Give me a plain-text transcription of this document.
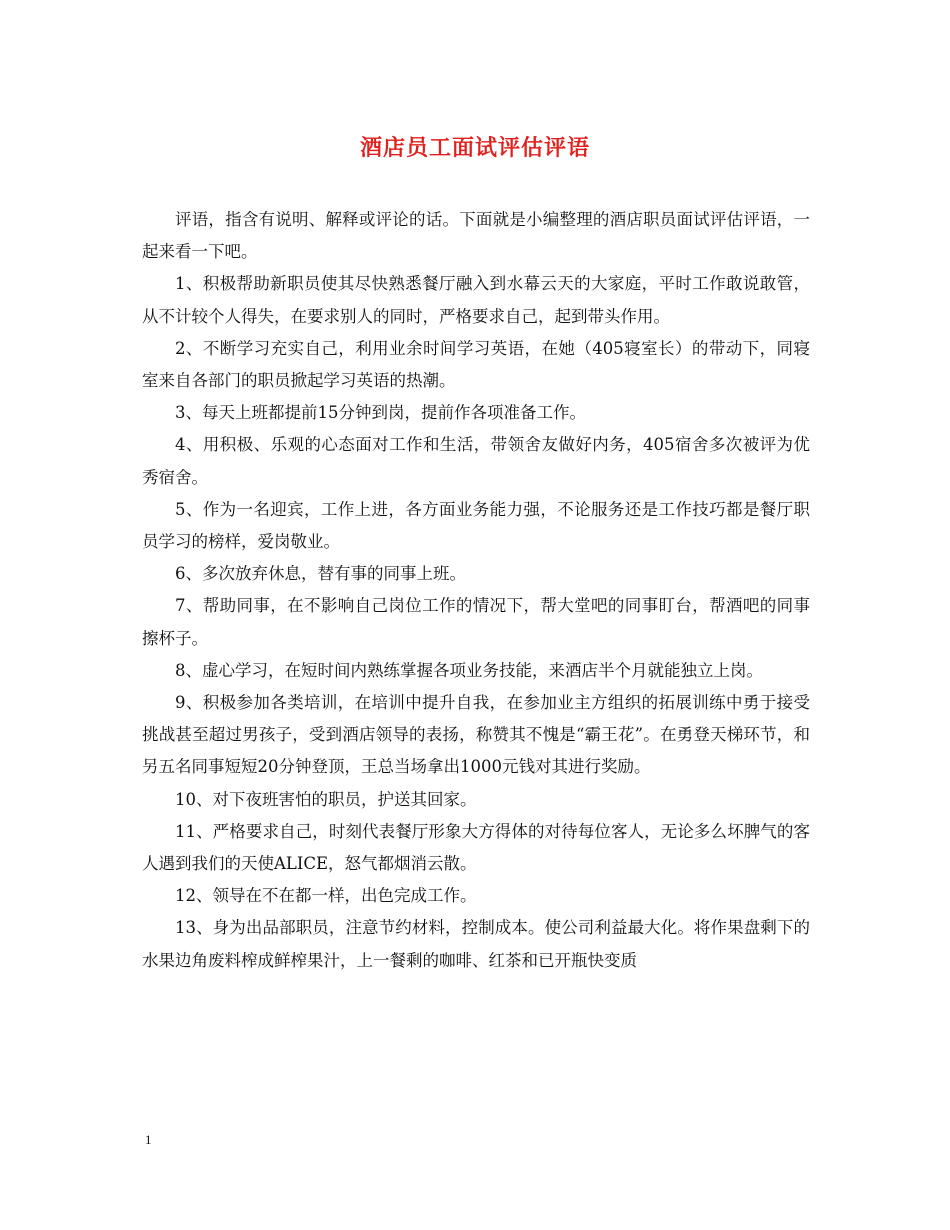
酒店员工面试评估评语

评语，指含有说明、解释或评论的话。下面就是小编整理的酒店职员面试评估评语，一起来看一下吧。

1、积极帮助新职员使其尽快熟悉餐厅融入到水幕云天的大家庭，平时工作敢说敢管，从不计较个人得失，在要求别人的同时，严格要求自己，起到带头作用。

2、不断学习充实自己，利用业余时间学习英语，在她（405寝室长）的带动下，同寝室来自各部门的职员掀起学习英语的热潮。

3、每天上班都提前15分钟到岗，提前作各项准备工作。

4、用积极、乐观的心态面对工作和生活，带领舍友做好内务，405宿舍多次被评为优秀宿舍。

5、作为一名迎宾，工作上进，各方面业务能力强，不论服务还是工作技巧都是餐厅职员学习的榜样，爱岗敬业。

6、多次放弃休息，替有事的同事上班。

7、帮助同事，在不影响自己岗位工作的情况下，帮大堂吧的同事盯台，帮酒吧的同事擦杯子。

8、虚心学习，在短时间内熟练掌握各项业务技能，来酒店半个月就能独立上岗。

9、积极参加各类培训，在培训中提升自我，在参加业主方组织的拓展训练中勇于接受挑战甚至超过男孩子，受到酒店领导的表扬，称赞其不愧是“霸王花”。在勇登天梯环节，和另五名同事短短20分钟登顶，王总当场拿出1000元钱对其进行奖励。

10、对下夜班害怕的职员，护送其回家。

11、严格要求自己，时刻代表餐厅形象大方得体的对待每位客人，无论多么坏脾气的客人遇到我们的天使ALICE，怒气都烟消云散。

12、领导在不在都一样，出色完成工作。

13、身为出品部职员，注意节约材料，控制成本。使公司利益最大化。将作果盘剩下的水果边角废料榨成鲜榨果汁，上一餐剩的咖啡、红茶和已开瓶快变质

1
